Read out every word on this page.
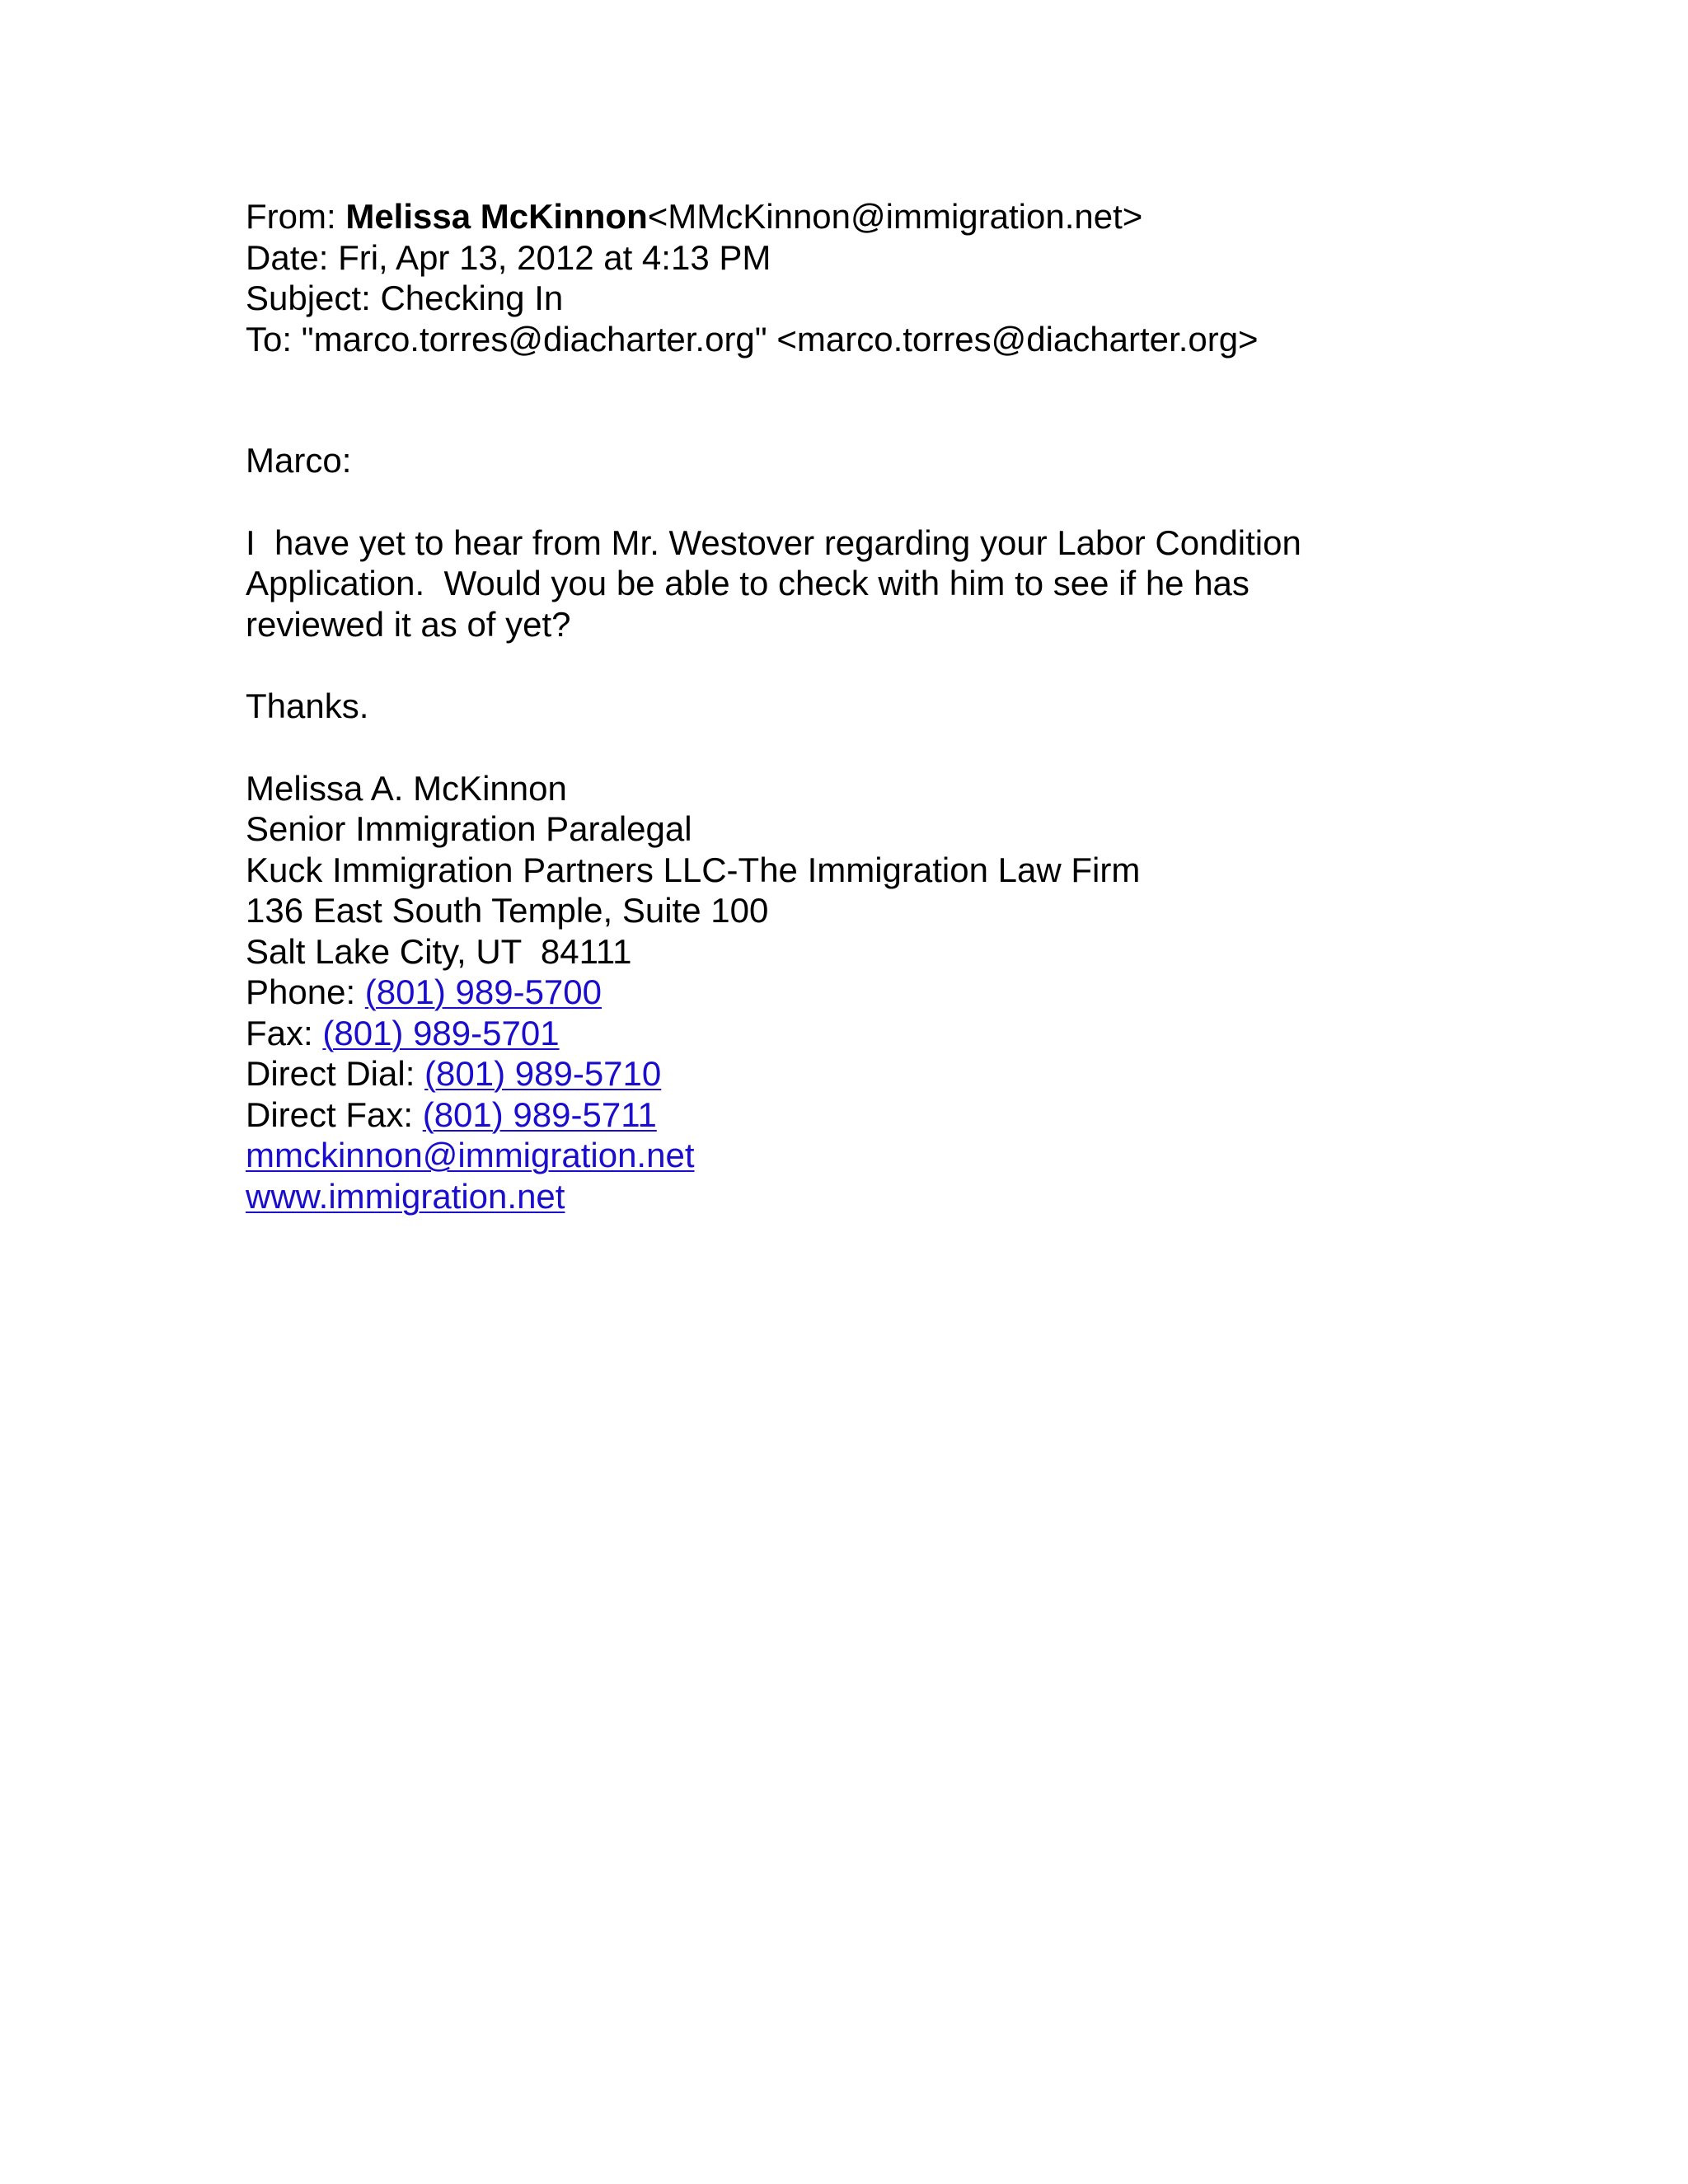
From: Melissa McKinnon<MMcKinnon@immigration.net>
Date: Fri, Apr 13, 2012 at 4:13 PM
Subject: Checking In
To: "marco.torres@diacharter.org" <marco.torres@diacharter.org>
Marco:
I  have yet to hear from Mr. Westover regarding your Labor Condition
Application.  Would you be able to check with him to see if he has
reviewed it as of yet?
Thanks.
Melissa A. McKinnon
Senior Immigration Paralegal
Kuck Immigration Partners LLC-The Immigration Law Firm
136 East South Temple, Suite 100
Salt Lake City, UT  84111
Phone: (801) 989-5700
Fax: (801) 989-5701
Direct Dial: (801) 989-5710
Direct Fax: (801) 989-5711
mmckinnon@immigration.net
www.immigration.net
